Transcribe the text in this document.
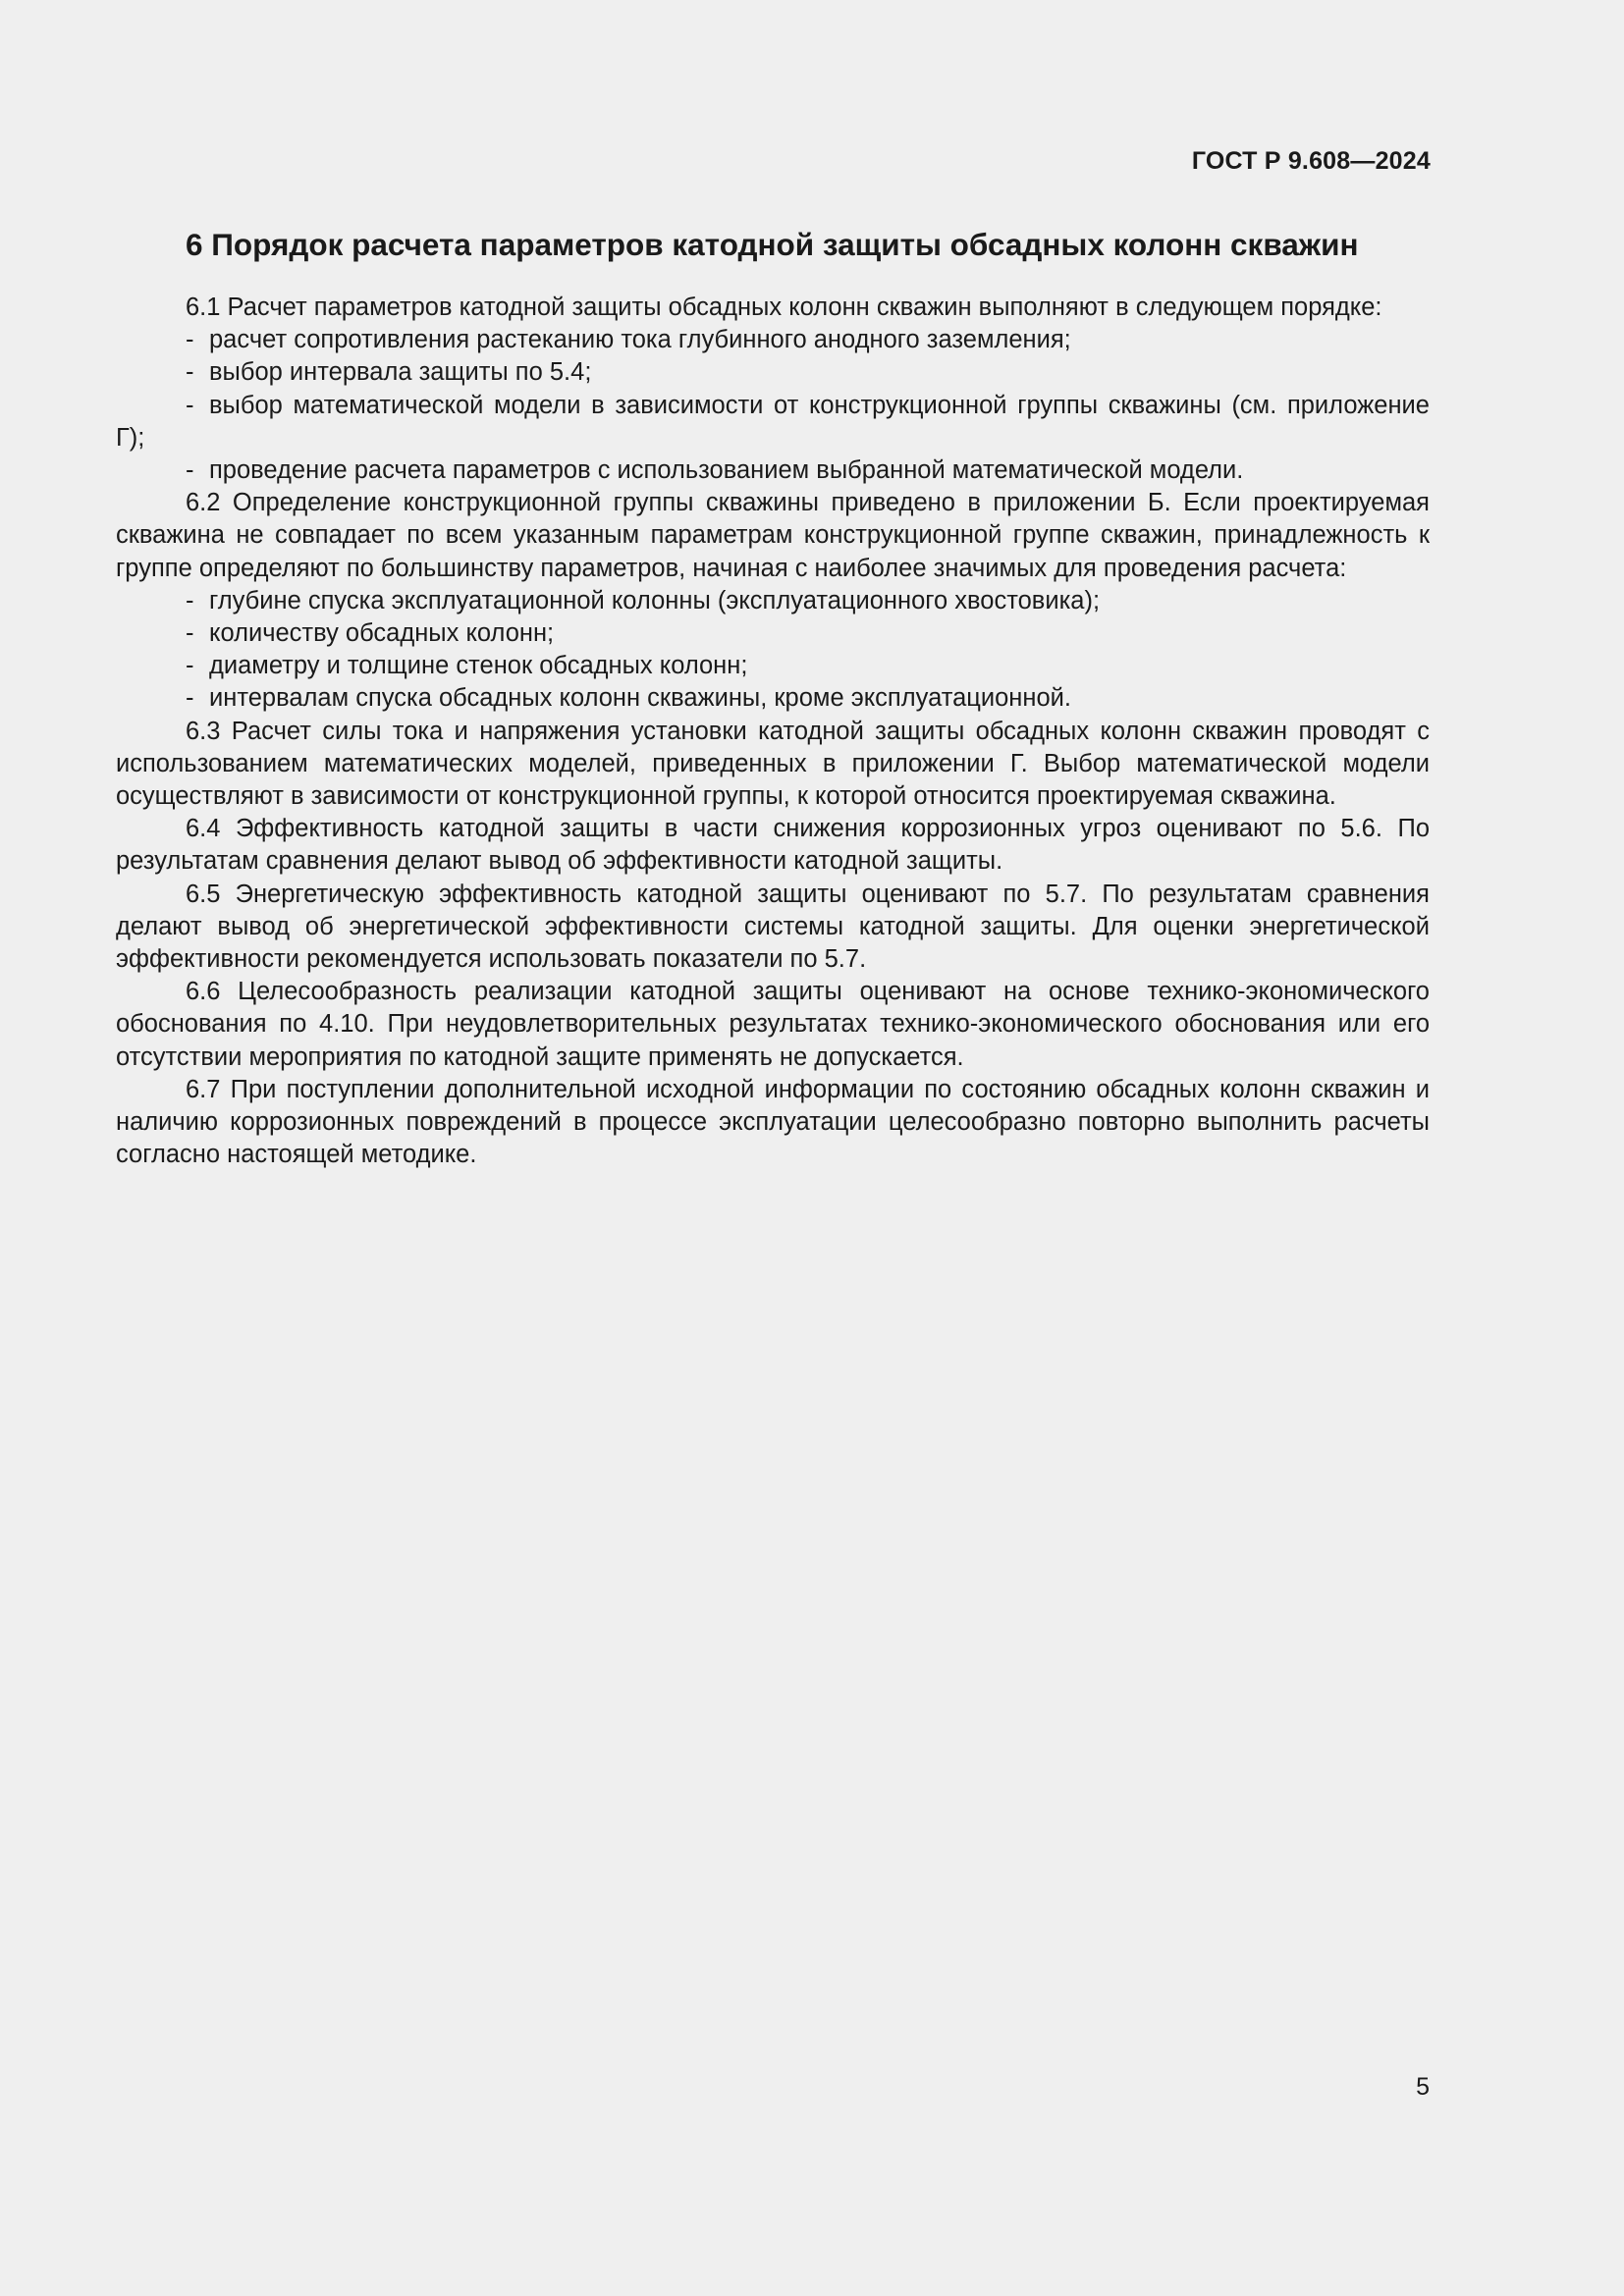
ГОСТ Р 9.608—2024
6 Порядок расчета параметров катодной защиты обсадных колонн скважин

6.1 Расчет параметров катодной защиты обсадных колонн скважин выполняют в следующем порядке:

- расчет сопротивления растеканию тока глубинного анодного заземления;

- выбор интервала защиты по 5.4;

- выбор математической модели в зависимости от конструкционной группы скважины (см. приложение Г);

- проведение расчета параметров с использованием выбранной математической модели.

6.2 Определение конструкционной группы скважины приведено в приложении Б. Если проектируемая скважина не совпадает по всем указанным параметрам конструкционной группе скважин, принадлежность к группе определяют по большинству параметров, начиная с наиболее значимых для проведения расчета:

- глубине спуска эксплуатационной колонны (эксплуатационного хвостовика);

- количеству обсадных колонн;

- диаметру и толщине стенок обсадных колонн;

- интервалам спуска обсадных колонн скважины, кроме эксплуатационной.

6.3 Расчет силы тока и напряжения установки катодной защиты обсадных колонн скважин проводят с использованием математических моделей, приведенных в приложении Г. Выбор математической модели осуществляют в зависимости от конструкционной группы, к которой относится проектируемая скважина.

6.4 Эффективность катодной защиты в части снижения коррозионных угроз оценивают по 5.6. По результатам сравнения делают вывод об эффективности катодной защиты.

6.5 Энергетическую эффективность катодной защиты оценивают по 5.7. По результатам сравнения делают вывод об энергетической эффективности системы катодной защиты. Для оценки энергетической эффективности рекомендуется использовать показатели по 5.7.

6.6 Целесообразность реализации катодной защиты оценивают на основе технико-экономического обоснования по 4.10. При неудовлетворительных результатах технико-экономического обоснования или его отсутствии мероприятия по катодной защите применять не допускается.

6.7 При поступлении дополнительной исходной информации по состоянию обсадных колонн скважин и наличию коррозионных повреждений в процессе эксплуатации целесообразно повторно выполнить расчеты согласно настоящей методике.

5
